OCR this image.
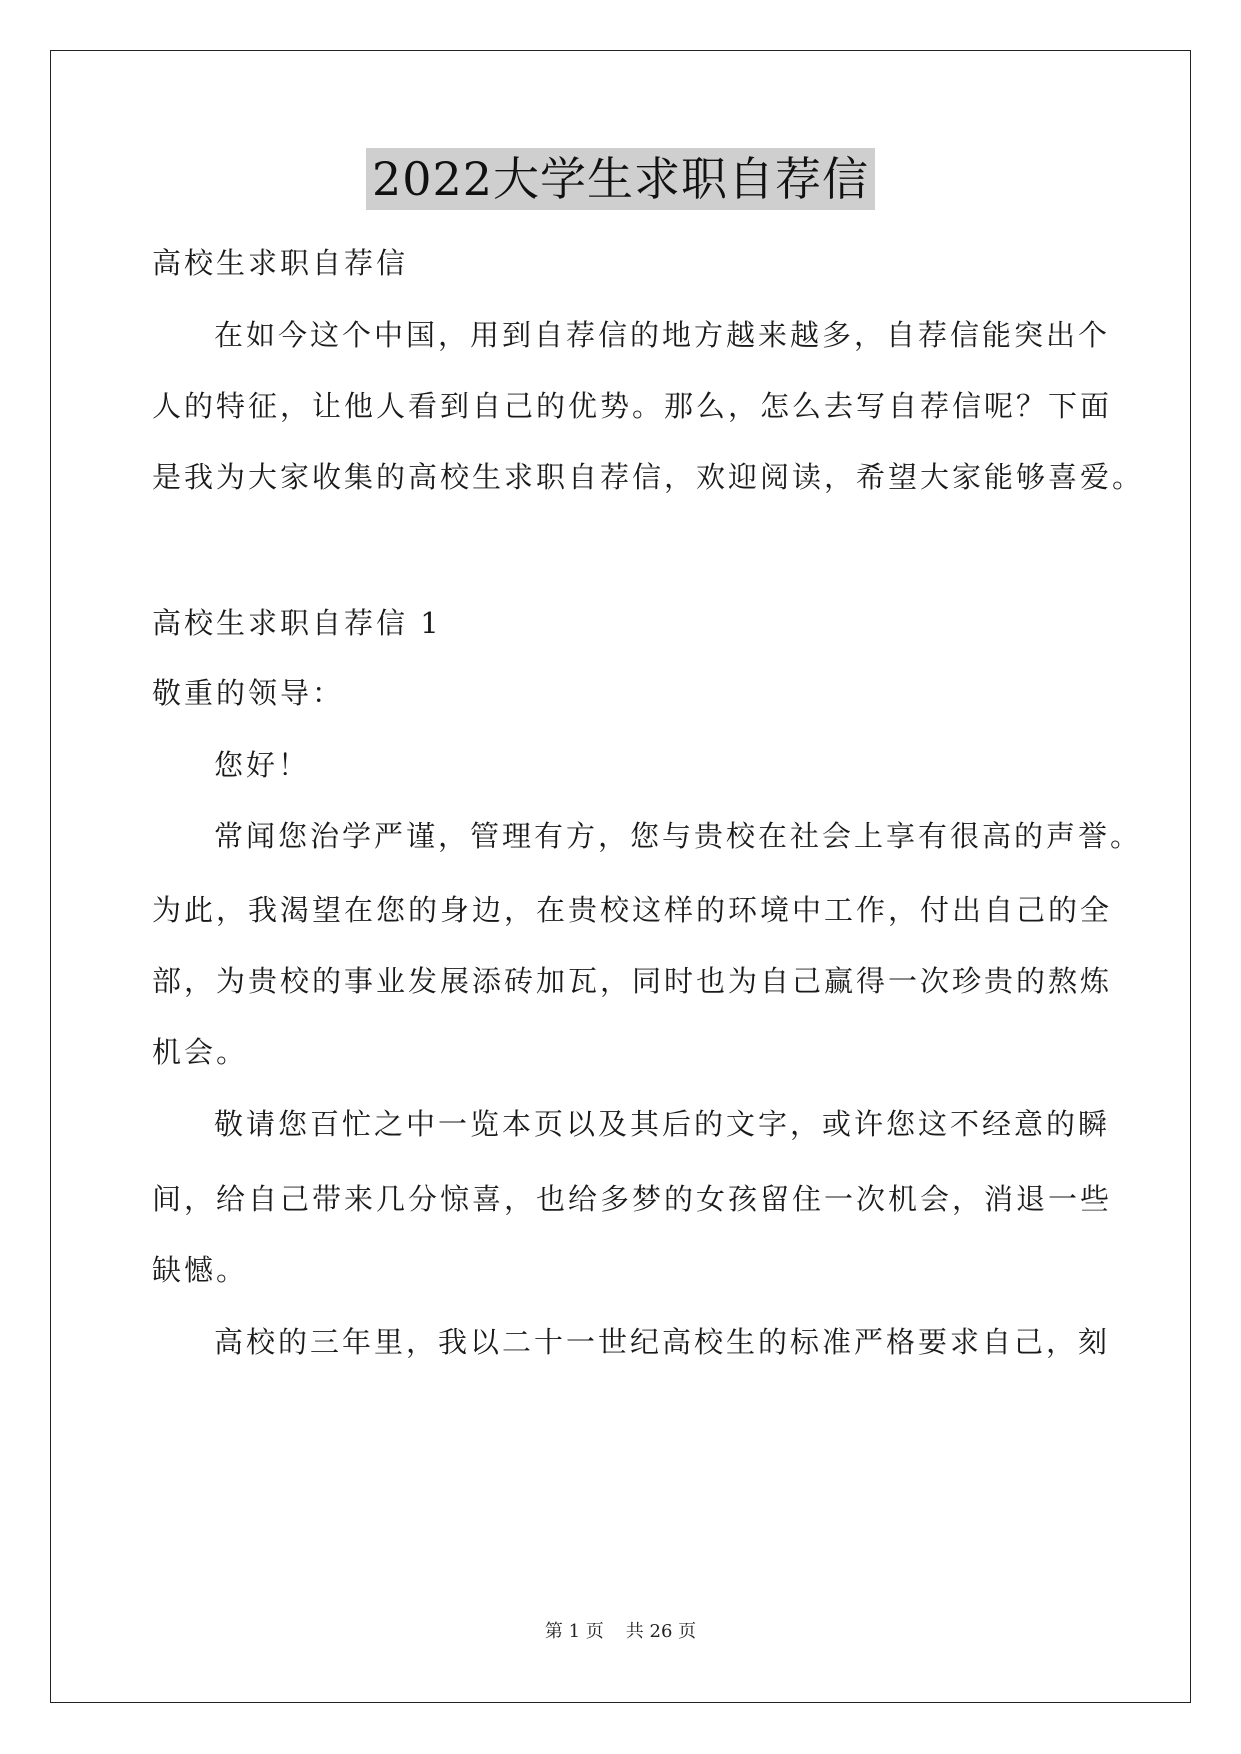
2022大学生求职自荐信
高校生求职自荐信
在如今这个中国，用到自荐信的地方越来越多，自荐信能突出个
人的特征，让他人看到自己的优势。那么，怎么去写自荐信呢？下面
是我为大家收集的高校生求职自荐信，欢迎阅读，希望大家能够喜爱。
高校生求职自荐信 1
敬重的领导：
您好！
常闻您治学严谨，管理有方，您与贵校在社会上享有很高的声誉。
为此，我渴望在您的身边，在贵校这样的环境中工作，付出自己的全
部，为贵校的事业发展添砖加瓦，同时也为自己赢得一次珍贵的熬炼
机会。
敬请您百忙之中一览本页以及其后的文字，或许您这不经意的瞬
间，给自己带来几分惊喜，也给多梦的女孩留住一次机会，消退一些
缺憾。
高校的三年里，我以二十一世纪高校生的标准严格要求自己，刻
第 1 页 共 26 页
